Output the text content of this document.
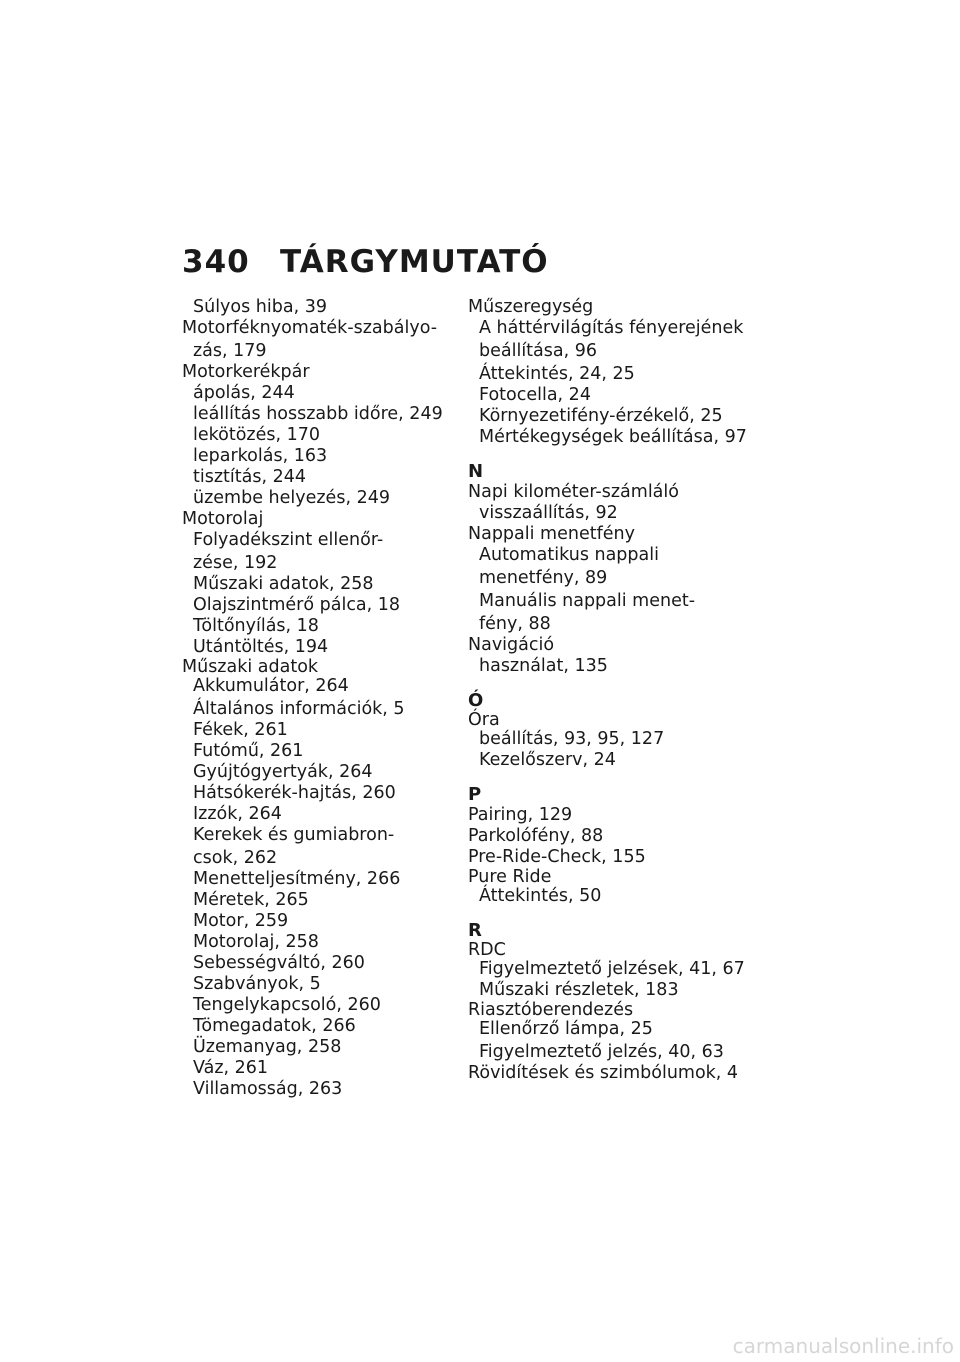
340 TÁRGYMUTATÓ
Súlyos hiba, 39
Motorféknyomaték-szabályo-
zás, 179
Motorkerékpár
ápolás, 244
leállítás hosszabb időre, 249
lekötözés, 170
leparkolás, 163
tisztítás, 244
üzembe helyezés, 249
Motorolaj
Folyadékszint ellenőr-
zése, 192
Műszaki adatok, 258
Olajszintmérő pálca, 18
Töltőnyílás, 18
Utántöltés, 194
Műszaki adatok
Akkumulátor, 264
Általános információk, 5
Fékek, 261
Futómű, 261
Gyújtógyertyák, 264
Hátsókerék-hajtás, 260
Izzók, 264
Kerekek és gumiabron-
csok, 262
Menetteljesítmény, 266
Méretek, 265
Motor, 259
Motorolaj, 258
Sebességváltó, 260
Szabványok, 5
Tengelykapcsoló, 260
Tömegadatok, 266
Üzemanyag, 258
Váz, 261
Villamosság, 263
Műszeregység
A háttérvilágítás fényerejének
beállítása, 96
Áttekintés, 24, 25
Fotocella, 24
Környezetifény-érzékelő, 25
Mértékegységek beállítása, 97
N
Napi kilométer-számláló
visszaállítás, 92
Nappali menetfény
Automatikus nappali
menetfény, 89
Manuális nappali menet-
fény, 88
Navigáció
használat, 135
Ó
Óra
beállítás, 93, 95, 127
Kezelőszerv, 24
P
Pairing, 129
Parkolófény, 88
Pre-Ride-Check, 155
Pure Ride
Áttekintés, 50
R
RDC
Figyelmeztető jelzések, 41, 67
Műszaki részletek, 183
Riasztóberendezés
Ellenőrző lámpa, 25
Figyelmeztető jelzés, 40, 63
Rövidítések és szimbólumok, 4
carmanualsonline.info
